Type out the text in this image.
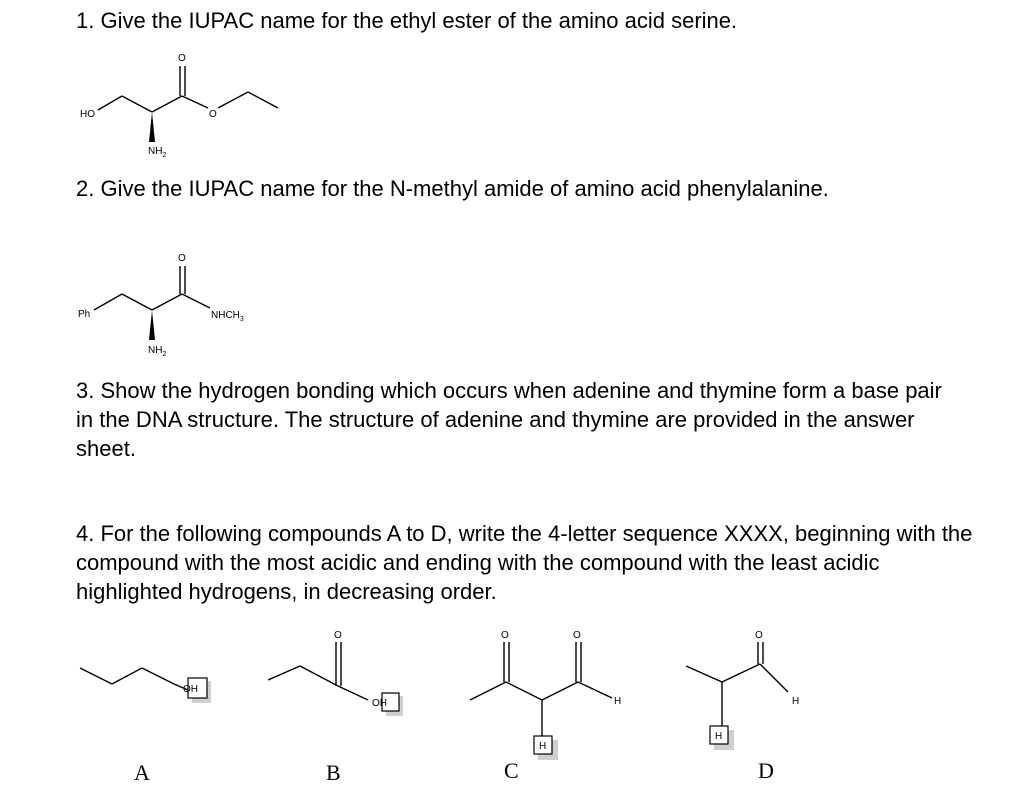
1. Give the IUPAC name for the ethyl ester of the amino acid serine.

HO
$NH_2$
O
O

2. Give the IUPAC name for the N-methyl amide of amino acid phenylalanine.

Ph
$NH_2$
O
$NHCH_3$

3. Show the hydrogen bonding which occurs when adenine and thymine form a base pair in the DNA structure. The structure of adenine and thymine are provided in the answer sheet.

4. For the following compounds A to D, write the 4-letter sequence XXXX, beginning with the compound with the most acidic and ending with the compound with the least acidic highlighted hydrogens, in decreasing order.

OH
A
O
OH
B
O
H
O
H
C
H
O
H
D
